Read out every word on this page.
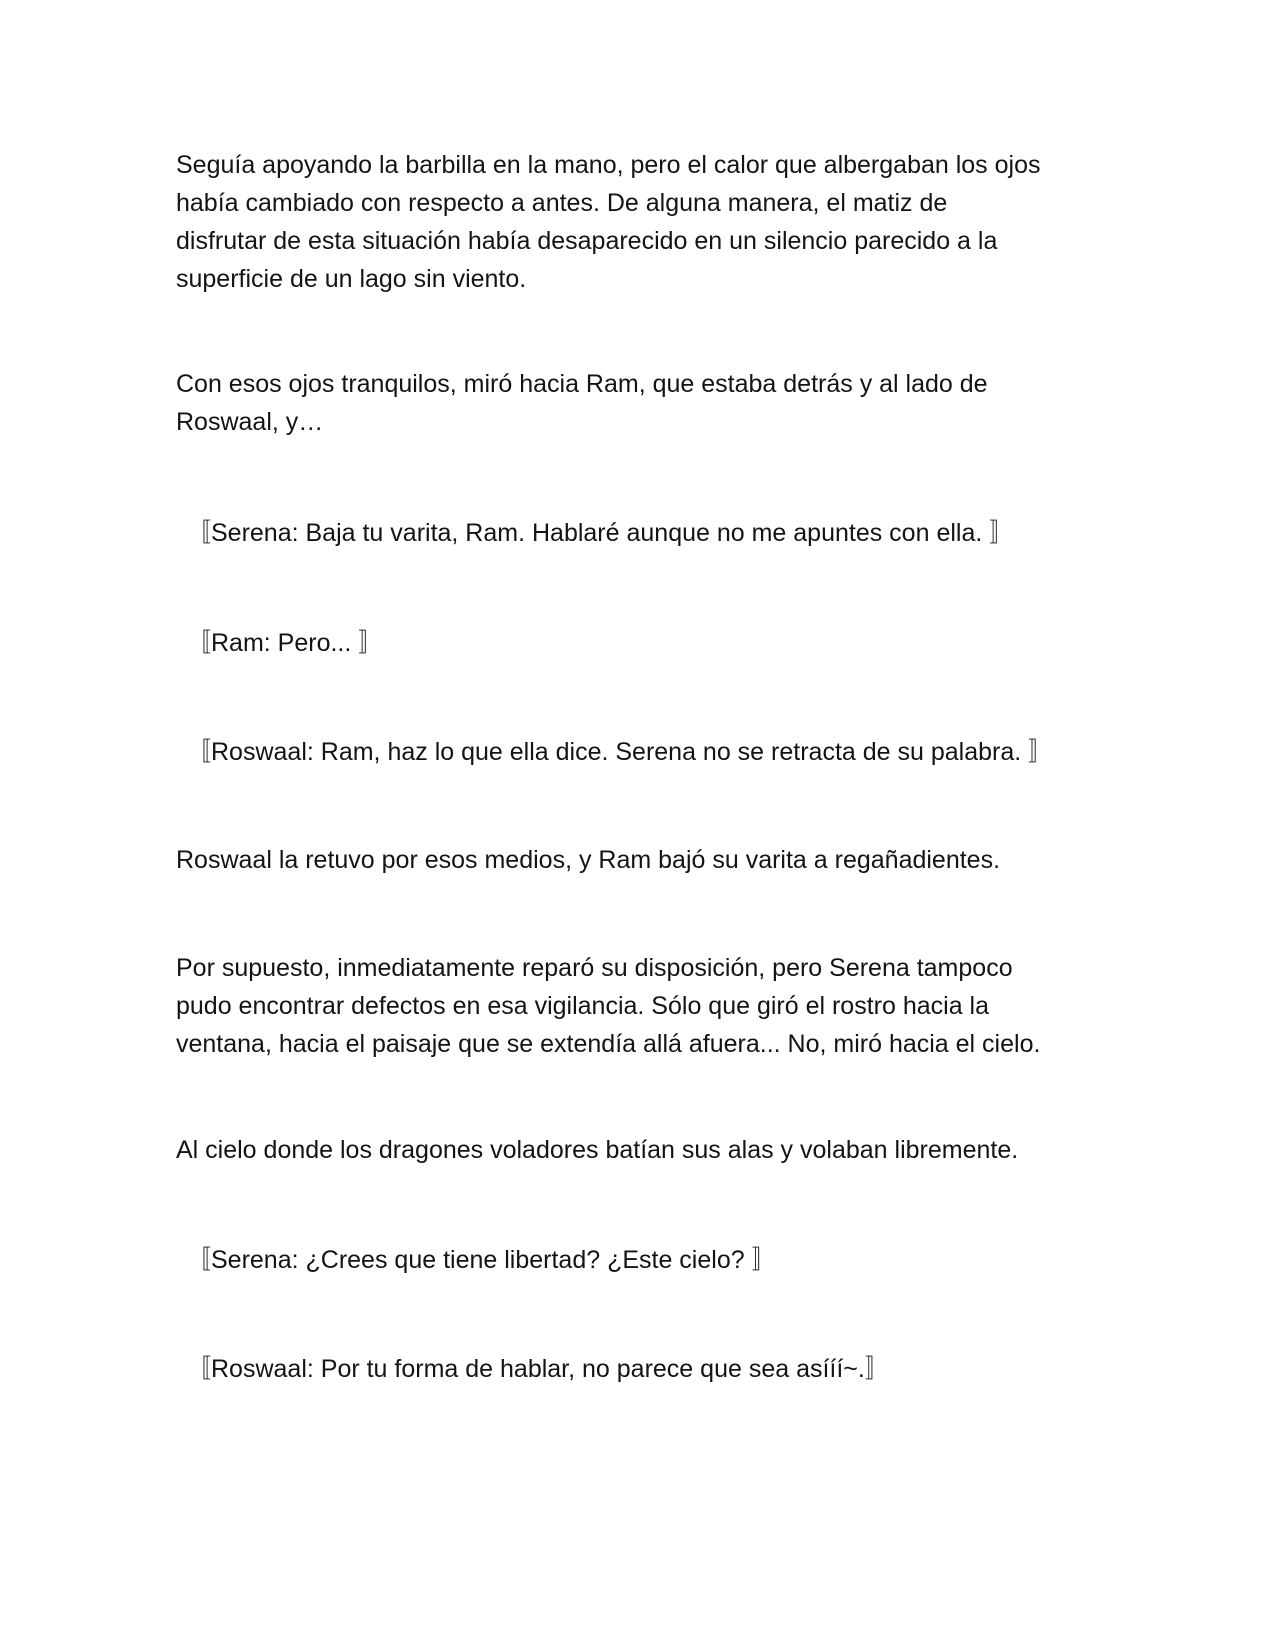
Seguía apoyando la barbilla en la mano, pero el calor que albergaban los ojos
había cambiado con respecto a antes. De alguna manera, el matiz de
disfrutar de esta situación había desaparecido en un silencio parecido a la
superficie de un lago sin viento.

Con esos ojos tranquilos, miró hacia Ram, que estaba detrás y al lado de
Roswaal, y…

〚Serena: Baja tu varita, Ram. Hablaré aunque no me apuntes con ella. 〛

〚Ram: Pero... 〛

〚Roswaal: Ram, haz lo que ella dice. Serena no se retracta de su palabra. 〛

Roswaal la retuvo por esos medios, y Ram bajó su varita a regañadientes.

Por supuesto, inmediatamente reparó su disposición, pero Serena tampoco
pudo encontrar defectos en esa vigilancia. Sólo que giró el rostro hacia la
ventana, hacia el paisaje que se extendía allá afuera... No, miró hacia el cielo.

Al cielo donde los dragones voladores batían sus alas y volaban libremente.

〚Serena: ¿Crees que tiene libertad? ¿Este cielo? 〛

〚Roswaal: Por tu forma de hablar, no parece que sea asííí~.〛
